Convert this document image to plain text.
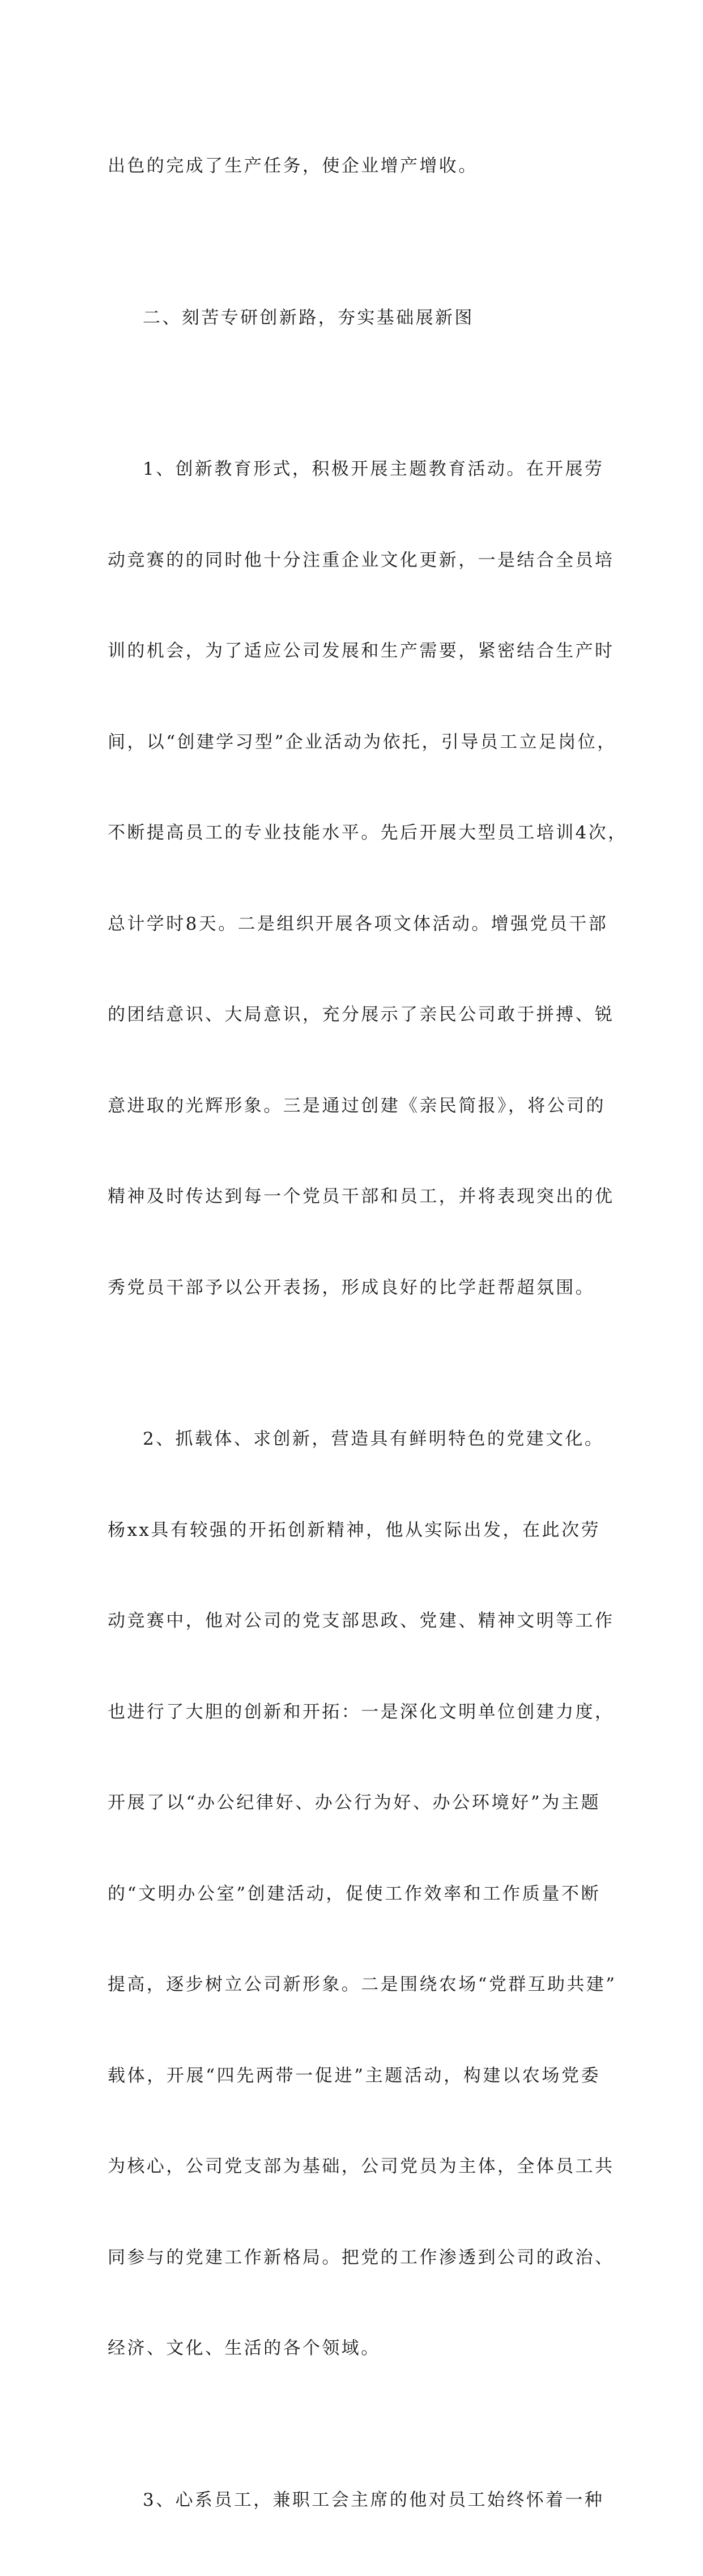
出色的完成了生产任务，使企业增产增收。

二、刻苦专研创新路，夯实基础展新图

1、创新教育形式，积极开展主题教育活动。在开展劳

动竞赛的的同时他十分注重企业文化更新，一是结合全员培

训的机会，为了适应公司发展和生产需要，紧密结合生产时

间，以“创建学习型”企业活动为依托，引导员工立足岗位，

不断提高员工的专业技能水平。先后开展大型员工培训4次，

总计学时8天。二是组织开展各项文体活动。增强党员干部

的团结意识、大局意识，充分展示了亲民公司敢于拼搏、锐

意进取的光辉形象。三是通过创建《亲民简报》，将公司的

精神及时传达到每一个党员干部和员工，并将表现突出的优

秀党员干部予以公开表扬，形成良好的比学赶帮超氛围。

2、抓载体、求创新，营造具有鲜明特色的党建文化。

杨xx具有较强的开拓创新精神，他从实际出发，在此次劳

动竞赛中，他对公司的党支部思政、党建、精神文明等工作

也进行了大胆的创新和开拓：一是深化文明单位创建力度，

开展了以“办公纪律好、办公行为好、办公环境好”为主题

的“文明办公室”创建活动，促使工作效率和工作质量不断

提高，逐步树立公司新形象。二是围绕农场“党群互助共建”

载体，开展“四先两带一促进”主题活动，构建以农场党委

为核心，公司党支部为基础，公司党员为主体，全体员工共

同参与的党建工作新格局。把党的工作渗透到公司的政治、

经济、文化、生活的各个领域。

3、心系员工，兼职工会主席的他对员工始终怀着一种
